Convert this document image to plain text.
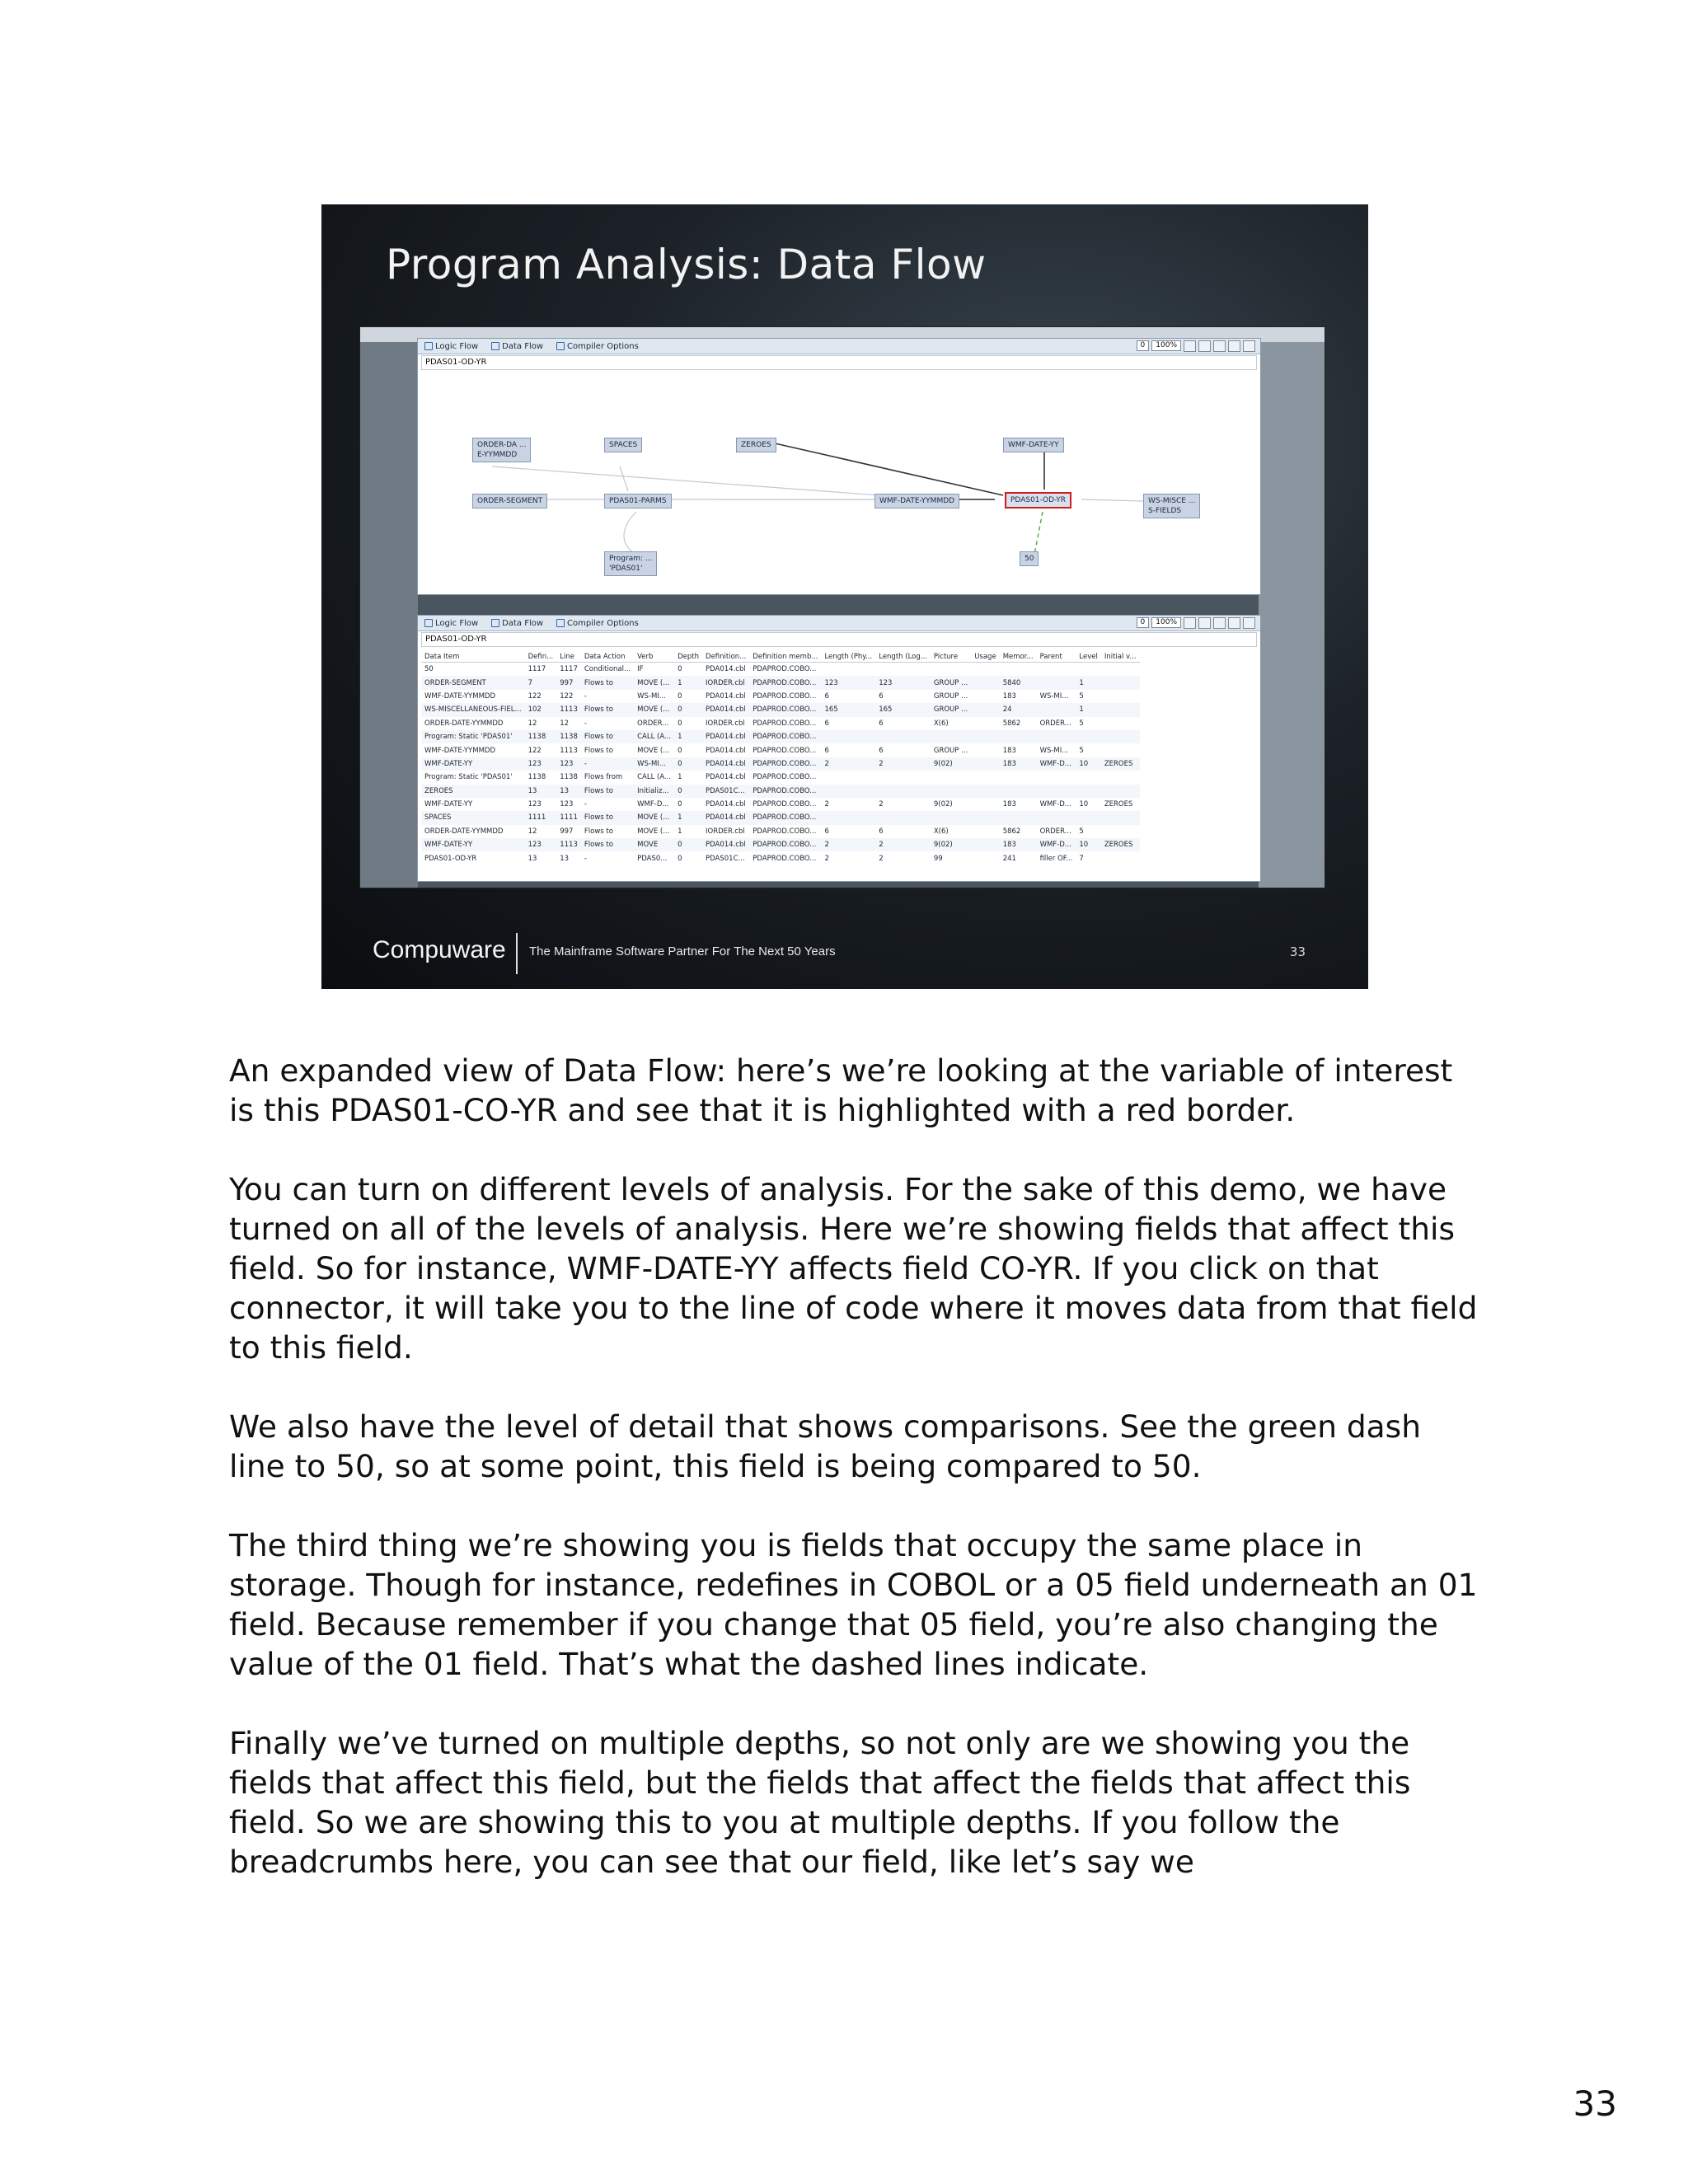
Program Analysis: Data Flow
Logic Flow	Data Flow	Compiler Options	0	100%
PDAS01-OD-YR
ORDER-DA ...
E-YYMMDD
SPACES	ZEROES	WMF-DATE-YY
ORDER-SEGMENT	PDAS01-PARMS	WMF-DATE-YYMMDD	PDAS01-OD-YR	WS-MISCE ...
S-FIELDS
Program: ...
'PDAS01'
50
Logic Flow	Data Flow	Compiler Options	0	100%
PDAS01-OD-YR
Data Item	Defin...	Line	Data Action	Verb	Depth	Definition...	Definition memb...	Length (Phy...	Length (Log...	Picture	Usage	Memor...	Parent	Level	Initial v...
50	1117	1117	Conditional...	IF	0	PDA014.cbl	PDAPROD.COBO...								
ORDER-SEGMENT	7	997	Flows to	MOVE (...	1	IORDER.cbl	PDAPROD.COBO...	123	123	GROUP ...		5840		1	
WMF-DATE-YYMMDD	122	122	-	WS-MI...	0	PDA014.cbl	PDAPROD.COBO...	6	6	GROUP ...		183	WS-MI...	5	
WS-MISCELLANEOUS-FIEL...	102	1113	Flows to	MOVE (...	0	PDA014.cbl	PDAPROD.COBO...	165	165	GROUP ...		24		1	
ORDER-DATE-YYMMDD	12	12	-	ORDER...	0	IORDER.cbl	PDAPROD.COBO...	6	6	X(6)		5862	ORDER...	5	
Program: Static 'PDAS01'	1138	1138	Flows to	CALL (A...	1	PDA014.cbl	PDAPROD.COBO...								
WMF-DATE-YYMMDD	122	1113	Flows to	MOVE (...	0	PDA014.cbl	PDAPROD.COBO...	6	6	GROUP ...		183	WS-MI...	5	
WMF-DATE-YY	123	123	-	WS-MI...	0	PDA014.cbl	PDAPROD.COBO...	2	2	9(02)		183	WMF-D...	10	ZEROES
Program: Static 'PDAS01'	1138	1138	Flows from	CALL (A...	1	PDA014.cbl	PDAPROD.COBO...								
ZEROES	13	13	Flows to	Initializ...	0	PDAS01C...	PDAPROD.COBO...								
WMF-DATE-YY	123	123	-	WMF-D...	0	PDA014.cbl	PDAPROD.COBO...	2	2	9(02)		183	WMF-D...	10	ZEROES
SPACES	1111	1111	Flows to	MOVE (...	1	PDA014.cbl	PDAPROD.COBO...								
ORDER-DATE-YYMMDD	12	997	Flows to	MOVE (...	1	IORDER.cbl	PDAPROD.COBO...	6	6	X(6)		5862	ORDER...	5	
WMF-DATE-YY	123	1113	Flows to	MOVE	0	PDA014.cbl	PDAPROD.COBO...	2	2	9(02)		183	WMF-D...	10	ZEROES
PDAS01-OD-YR	13	13	-	PDAS0...	0	PDAS01C...	PDAPROD.COBO...	2	2	99		241	filler OF...	7	
Compuware The Mainframe Software Partner For The Next 50 Years	33

An expanded view of Data Flow: here’s we’re looking at the variable of interest is this PDAS01-CO-YR and see that it is highlighted with a red border.

You can turn on different levels of analysis. For the sake of this demo, we have turned on all of the levels of analysis. Here we’re showing fields that affect this field. So for instance, WMF-DATE-YY affects field CO-YR. If you click on that connector, it will take you to the line of code where it moves data from that field to this field.

We also have the level of detail that shows comparisons. See the green dash line to 50, so at some point, this field is being compared to 50.

The third thing we’re showing you is fields that occupy the same place in storage. Though for instance, redefines in COBOL or a 05 field underneath an 01 field. Because remember if you change that 05 field, you’re also changing the value of the 01 field. That’s what the dashed lines indicate.

Finally we’ve turned on multiple depths, so not only are we showing you the fields that affect this field, but the fields that affect the fields that affect this field. So we are showing this to you at multiple depths. If you follow the breadcrumbs here, you can see that our field, like let’s say we

33
